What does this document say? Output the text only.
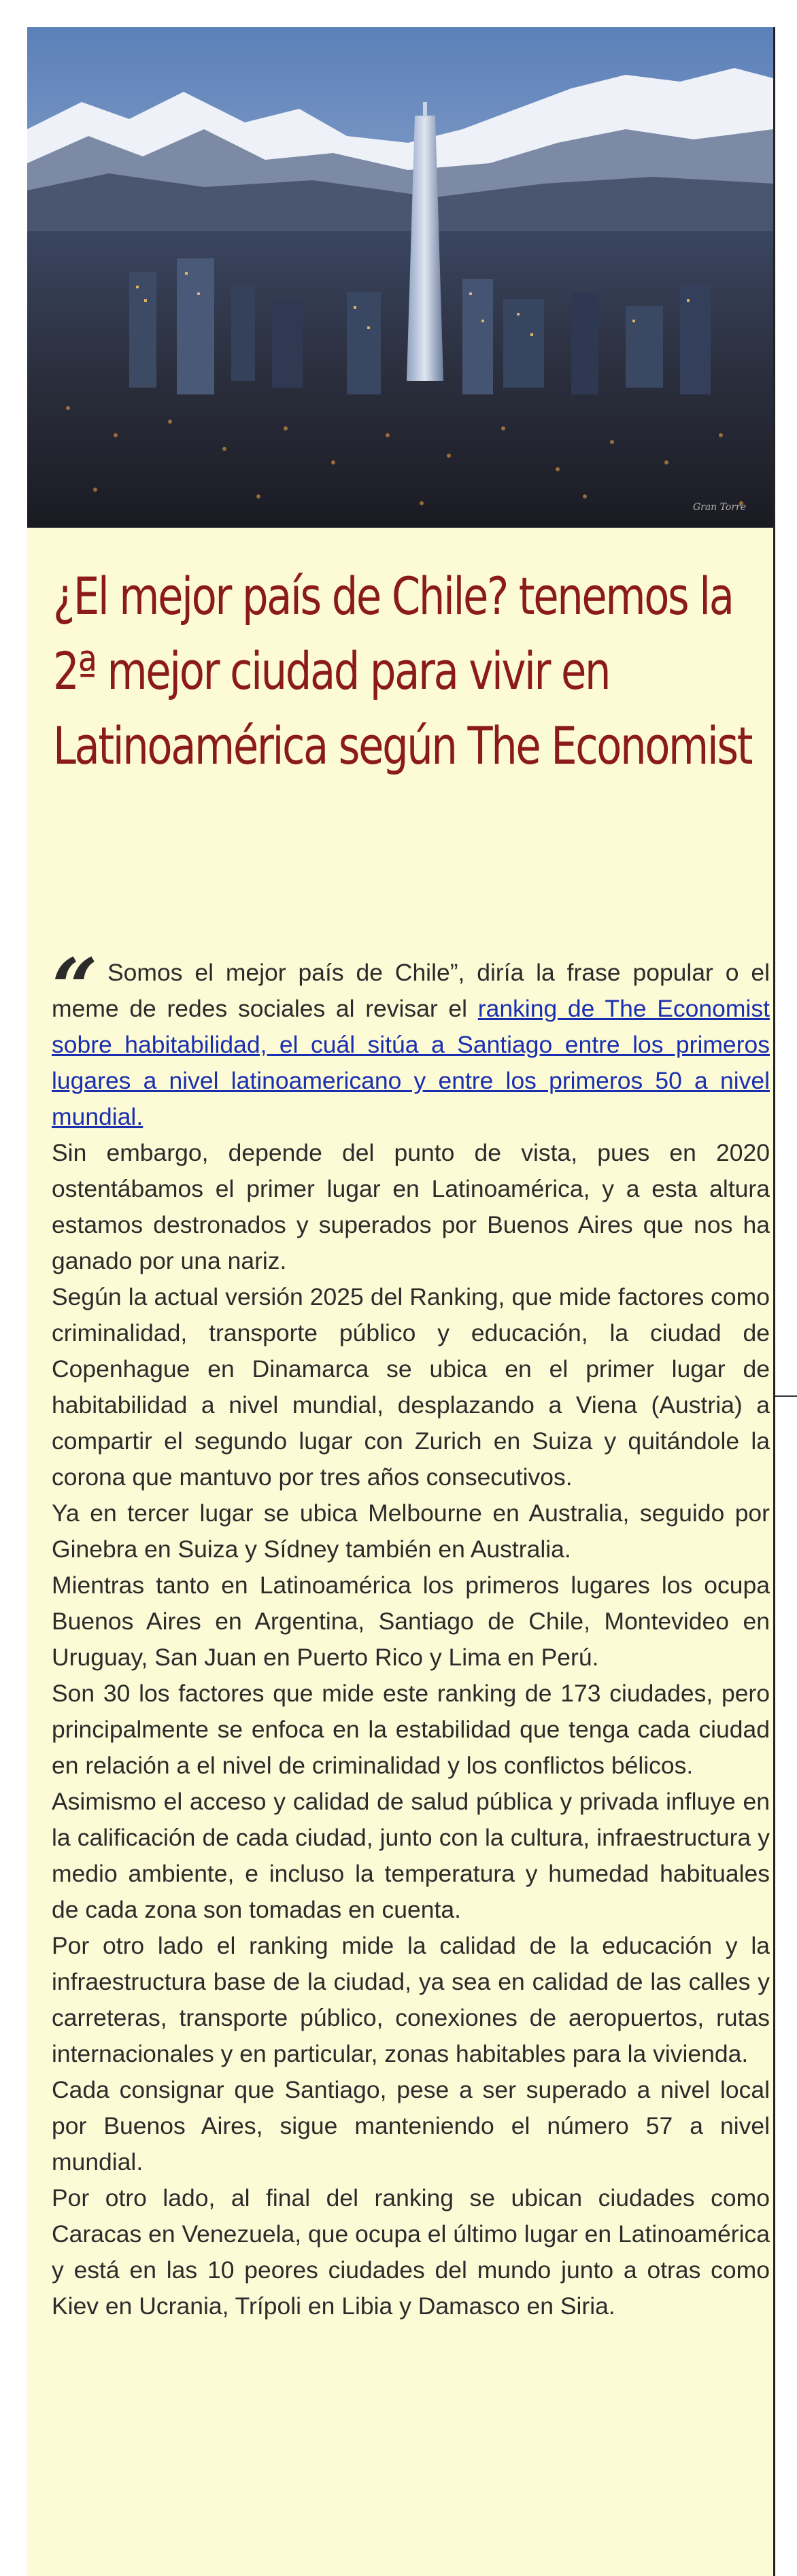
Gran Torre
¿El mejor país de Chile? tenemos la 2ª mejor ciudad para vivir en Latinoamérica según The Economist
“ Somos el mejor país de Chile”, diría la frase popular o el meme de redes sociales al revisar el ranking de The Economist sobre habitabilidad, el cuál sitúa a Santiago entre los primeros lugares a nivel latinoamericano y entre los primeros 50 a nivel mundial.

Sin embargo, depende del punto de vista, pues en 2020 ostentábamos el primer lugar en Latinoamérica, y a esta altura estamos destronados y superados por Buenos Aires que nos ha ganado por una nariz.

Según la actual versión 2025 del Ranking, que mide factores como criminalidad, transporte público y educación, la ciudad de Copenhague en Dinamarca se ubica en el primer lugar de habitabilidad a nivel mundial, desplazando a Viena (Austria) a compartir el segundo lugar con Zurich en Suiza y quitándole la corona que mantuvo por tres años consecutivos.

Ya en tercer lugar se ubica Melbourne en Australia, seguido por Ginebra en Suiza y Sídney también en Australia.

Mientras tanto en Latinoamérica los primeros lugares los ocupa Buenos Aires en Argentina, Santiago de Chile, Montevideo en Uruguay, San Juan en Puerto Rico y Lima en Perú.

Son 30 los factores que mide este ranking de 173 ciudades, pero principalmente se enfoca en la estabilidad que tenga cada ciudad en relación a el nivel de criminalidad y los conflictos bélicos.

Asimismo el acceso y calidad de salud pública y privada influye en la calificación de cada ciudad, junto con la cultura, infraestructura y medio ambiente, e incluso la temperatura y humedad habituales de cada zona son tomadas en cuenta.

Por otro lado el ranking mide la calidad de la educación y la infraestructura base de la ciudad, ya sea en calidad de las calles y carreteras, transporte público, conexiones de aeropuertos, rutas internacionales y en particular, zonas habitables para la vivienda.

Cada consignar que Santiago, pese a ser superado a nivel local por Buenos Aires, sigue manteniendo el número 57 a nivel mundial.

Por otro lado, al final del ranking se ubican ciudades como Caracas en Venezuela, que ocupa el último lugar en Latinoamérica y está en las 10 peores ciudades del mundo junto a otras como Kiev en Ucrania, Trípoli en Libia y Damasco en Siria.
